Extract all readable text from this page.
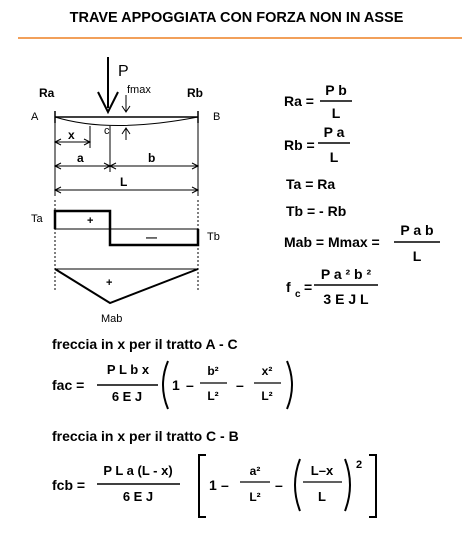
TRAVE APPOGGIATA CON FORZA NON IN ASSE
P
fmax
Ra	Rb
A	B
c
x
a	b
L
Ta
Tb
+
—
+
Mab
Ra =
P b
L
Rb =
P a
L
Ta = Ra
Tb = - Rb
Mab = Mmax =
P a b
L
f c =
P a ² b ²
3 E J L
freccia in x per il tratto A - C
fac =
P L b x
6 E J
1 –
b²
L²
–
x²
L²
freccia in x per il tratto C - B
fcb =
P L a (L - x)
6 E J
1 –
a²
L²
–
L–x
L
2
